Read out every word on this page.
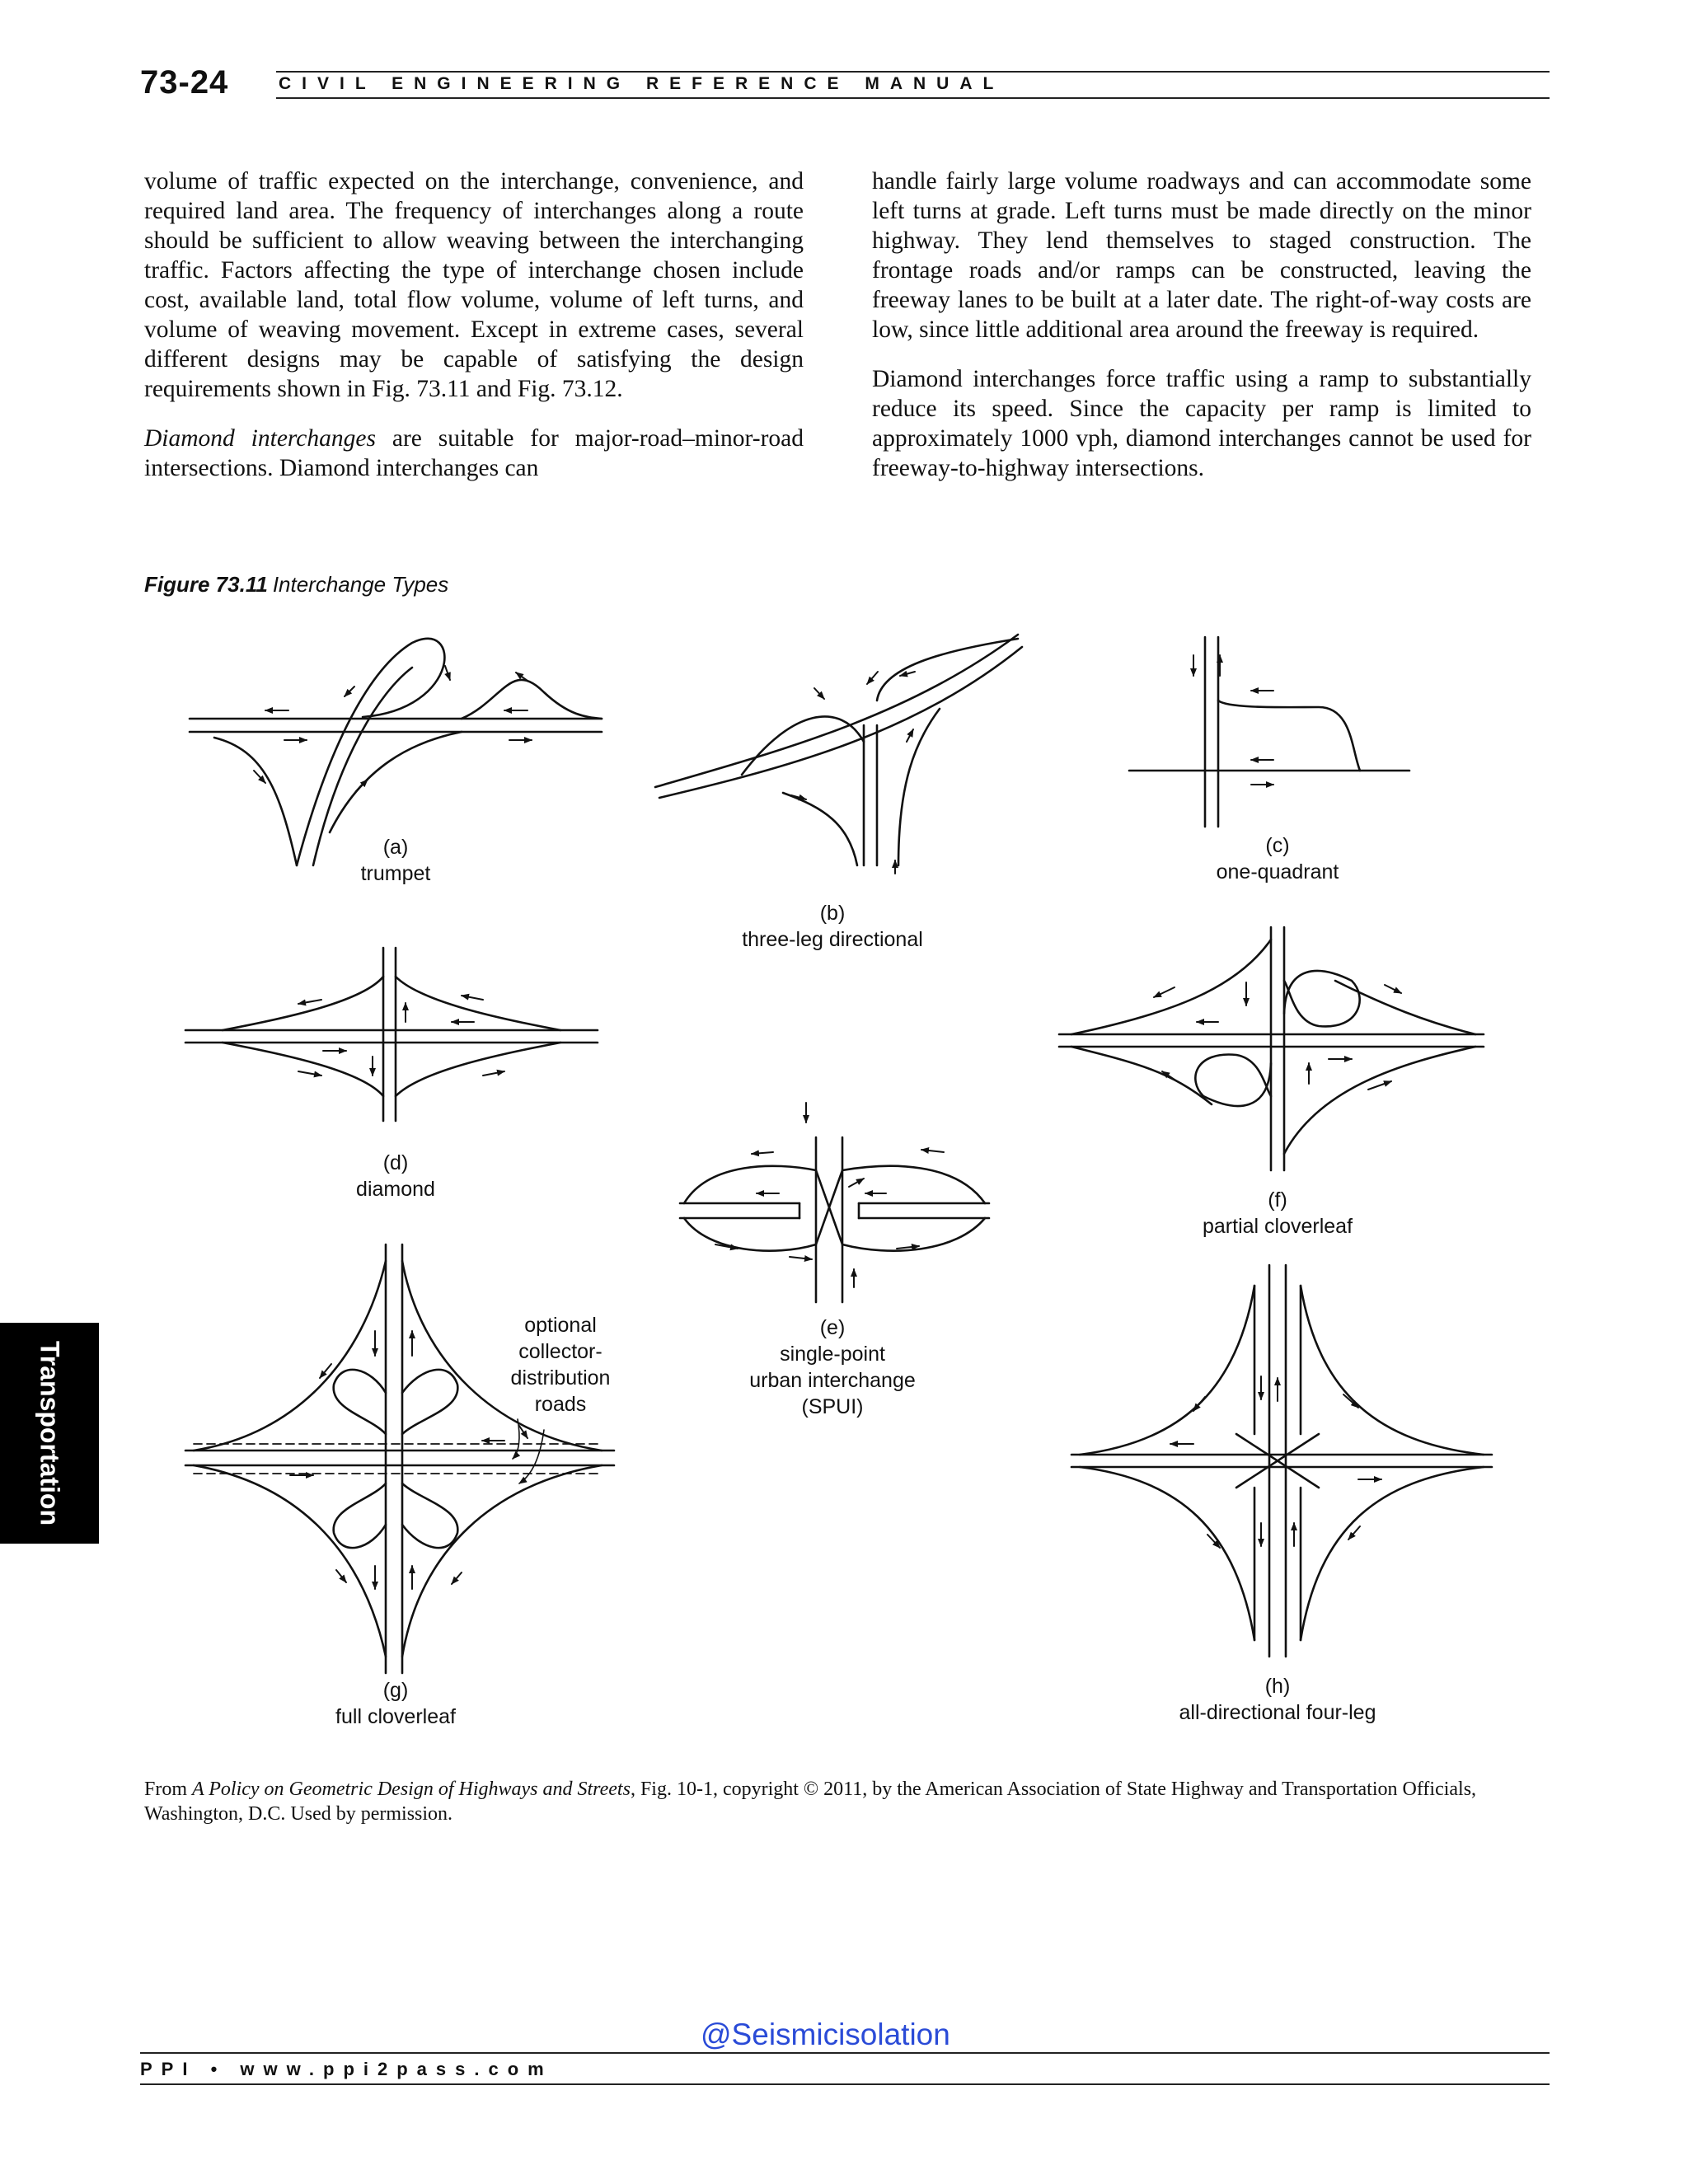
73-24	CIVIL ENGINEERING REFERENCE MANUAL

volume of traffic expected on the interchange, convenience, and required land area. The frequency of interchanges along a route should be sufficient to allow weaving between the interchanging traffic. Factors affecting the type of interchange chosen include cost, available land, total flow volume, volume of left turns, and volume of weaving movement. Except in extreme cases, several different designs may be capable of satisfying the design requirements shown in Fig. 73.11 and Fig. 73.12.

Diamond interchanges are suitable for major-road–minor-road intersections. Diamond interchanges can

handle fairly large volume roadways and can accommodate some left turns at grade. Left turns must be made directly on the minor highway. They lend themselves to staged construction. The frontage roads and/or ramps can be constructed, leaving the freeway lanes to be built at a later date. The right-of-way costs are low, since little additional area around the freeway is required.

Diamond interchanges force traffic using a ramp to substantially reduce its speed. Since the capacity per ramp is limited to approximately 1000 vph, diamond interchanges cannot be used for freeway-to-highway intersections.

Figure 73.11 Interchange Types
(a)
trumpet
(b)
three-leg directional
(c)
one-quadrant
(d)
diamond
(e)
single-point
urban interchange
(SPUI)
(f)
partial cloverleaf
(g)
full cloverleaf
(h)
all-directional four-leg
optional
collector-
distribution
roads
Transportation
From A Policy on Geometric Design of Highways and Streets, Fig. 10-1, copyright © 2011, by the American Association of State Highway and Transportation Officials, Washington, D.C. Used by permission.
@Seismicisolation
PPI • www.ppi2pass.com
